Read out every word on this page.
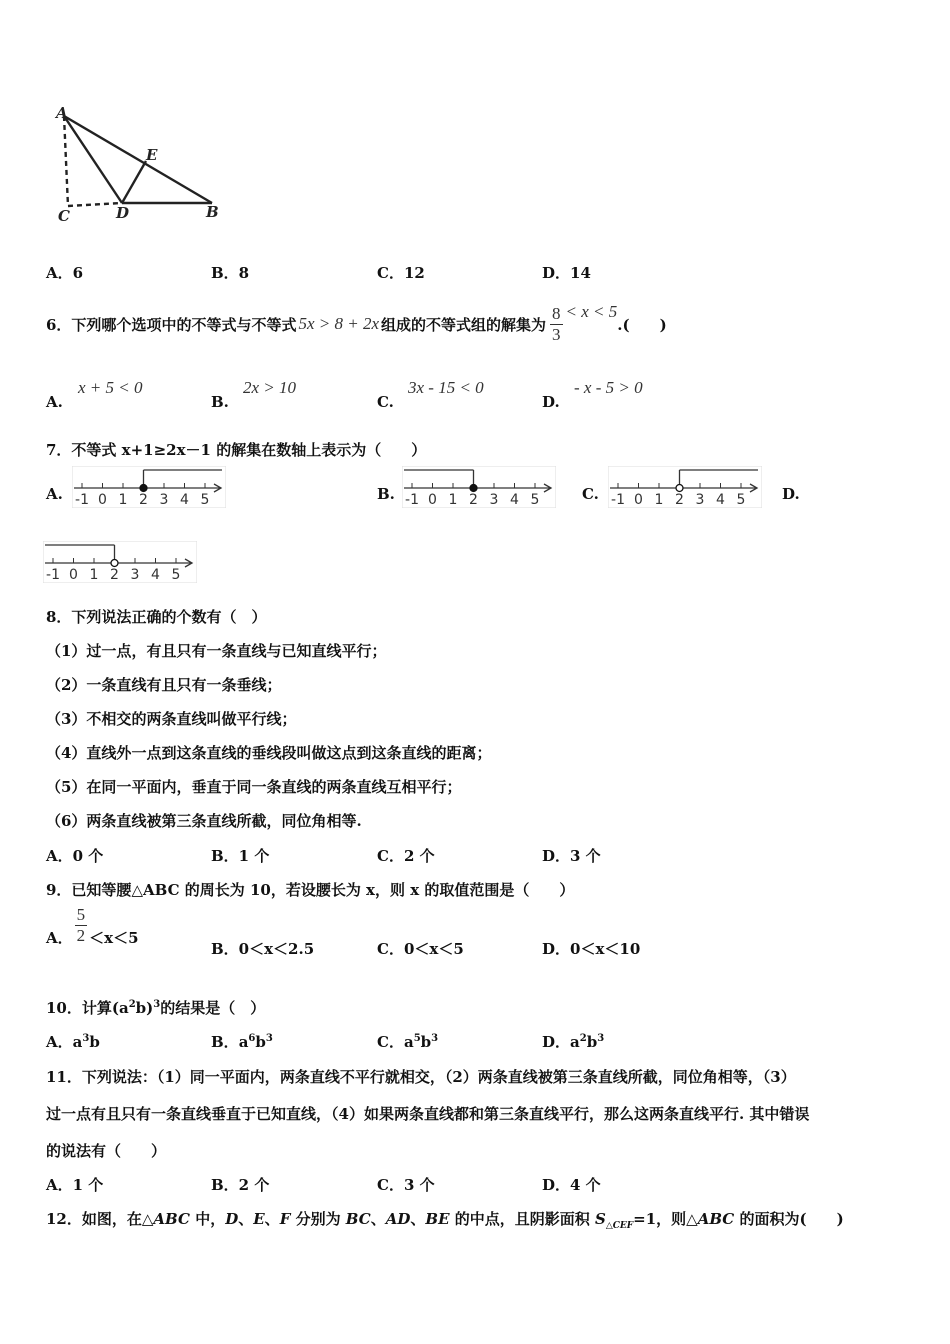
A
E
C	D	B
A．6	B．8	C．12	D．14
6．下列哪个选项中的不等式与不等式 5x > 8 + 2x 组成的不等式组的解集为 $\frac{8}{3} < x < 5$
.(　　)
A.
x + 5 < 0
B.
2x > 10
C.
3x - 15 < 0
D.
- x - 5 > 0
7．不等式 x+1≥2x－1 的解集在数轴上表示为（　　）
A. -1 0 1 2 3 4 5	B. -1 0 1 2 3 4 5	C. -1 0 1 2 3 4 5 D.
-1 0 1 2 3 4 5
8．下列说法正确的个数有（　）
（1）过一点，有且只有一条直线与已知直线平行；
（2）一条直线有且只有一条垂线；
（3）不相交的两条直线叫做平行线；
（4）直线外一点到这条直线的垂线段叫做这点到这条直线的距离；
（5）在同一平面内，垂直于同一条直线的两条直线互相平行；
（6）两条直线被第三条直线所截，同位角相等.
A．0 个	B．1 个	C．2 个	D．3 个
9．已知等腰△ABC 的周长为 10，若设腰长为 x，则 x 的取值范围是（　　）
A． $\frac{5}{2} <x<5$
B．0＜x＜2.5	C．0＜x＜5	D．0＜x＜10
10．计算$(a^2b)^3$的结果是（　）
A．$a^3b$	B．$a^6b^3$	C．$a^5b^3$	D．$a^2b^3$
11．下列说法：（1）同一平面内，两条直线不平行就相交，（2）两条直线被第三条直线所截，同位角相等，（3）
过一点有且只有一条直线垂直于已知直线，（4）如果两条直线都和第三条直线平行，那么这两条直线平行. 其中错误
的说法有（　　）
A．1 个	B．2 个	C．3 个	D．4 个
12．如图，在△ABC 中，D、E、F 分别为 BC、AD、BE 的中点，且阴影面积 $S_{\triangle CEF}=1$，则△ABC 的面积为(　　)
